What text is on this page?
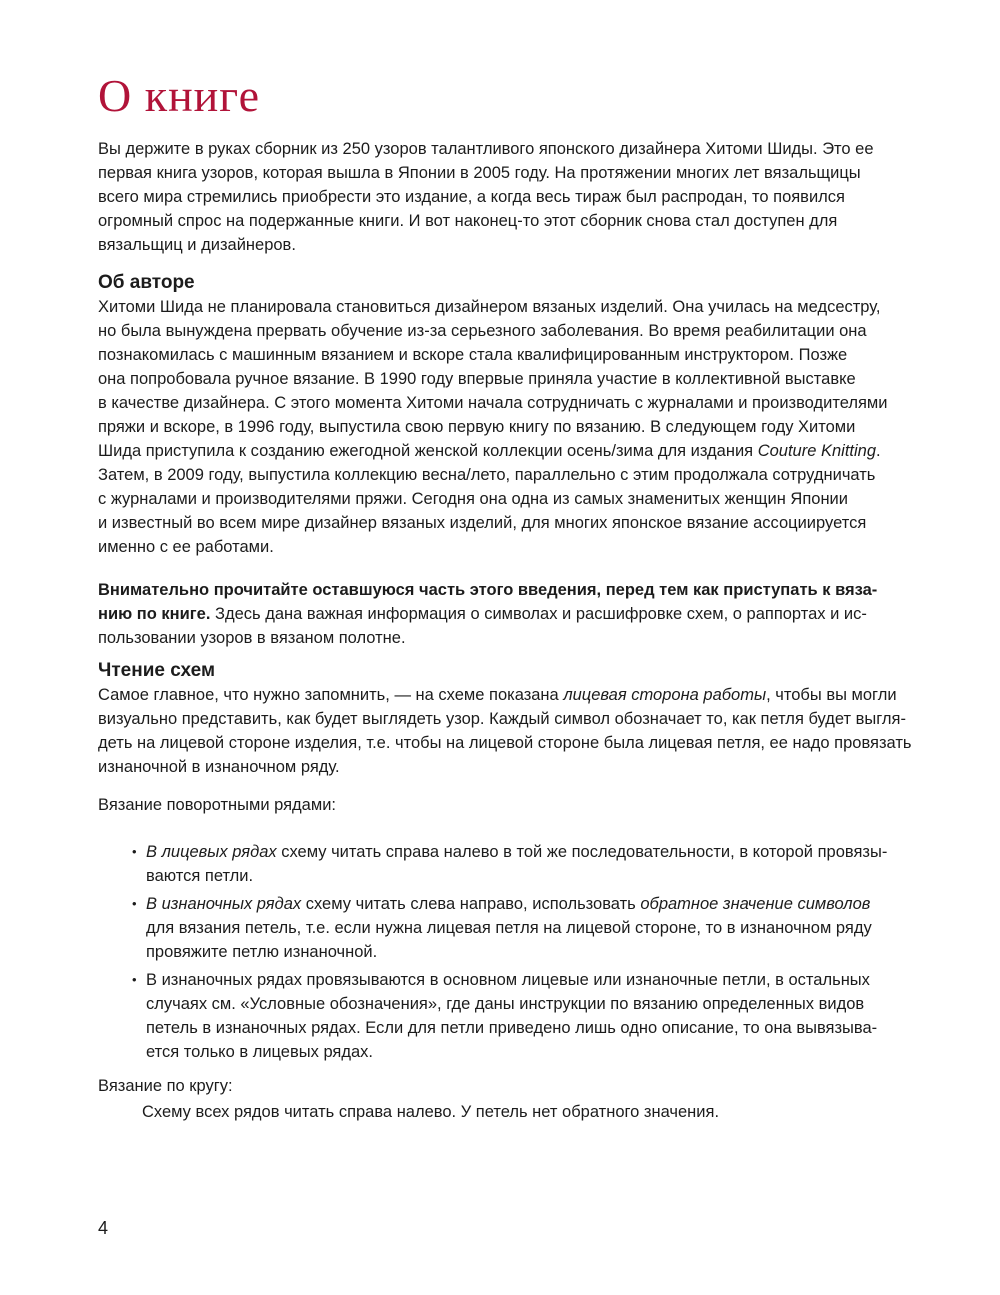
О книге
Вы держите в руках сборник из 250 узоров талантливого японского дизайнера Хитоми Шиды. Это ее
первая книга узоров, которая вышла в Японии в 2005 году. На протяжении многих лет вязальщицы
всего мира стремились приобрести это издание, а когда весь тираж был распродан, то появился
огромный спрос на подержанные книги. И вот наконец-то этот сборник снова стал доступен для
вязальщиц и дизайнеров.
Об авторе
Хитоми Шида не планировала становиться дизайнером вязаных изделий. Она училась на медсестру,
но была вынуждена прервать обучение из-за серьезного заболевания. Во время реабилитации она
познакомилась с машинным вязанием и вскоре стала квалифицированным инструктором. Позже
она попробовала ручное вязание. В 1990 году впервые приняла участие в коллективной выставке
в качестве дизайнера. С этого момента Хитоми начала сотрудничать с журналами и производителями
пряжи и вскоре, в 1996 году, выпустила свою первую книгу по вязанию. В следующем году Хитоми
Шида приступила к созданию ежегодной женской коллекции осень/зима для издания Couture Knitting.
Затем, в 2009 году, выпустила коллекцию весна/лето, параллельно с этим продолжала сотрудничать
с журналами и производителями пряжи. Сегодня она одна из самых знаменитых женщин Японии
и известный во всем мире дизайнер вязаных изделий, для многих японское вязание ассоциируется
именно с ее работами.
Внимательно прочитайте оставшуюся часть этого введения, перед тем как приступать к вяза-
нию по книге. Здесь дана важная информация о символах и расшифровке схем, о раппортах и ис-
пользовании узоров в вязаном полотне.
Чтение схем
Самое главное, что нужно запомнить, — на схеме показана лицевая сторона работы, чтобы вы могли
визуально представить, как будет выглядеть узор. Каждый символ обозначает то, как петля будет выгля-
деть на лицевой стороне изделия, т.е. чтобы на лицевой стороне была лицевая петля, ее надо провязать
изнаночной в изнаночном ряду.
Вязание поворотными рядами:
• В лицевых рядах схему читать справа налево в той же последовательности, в которой провязы-
ваются петли.
• В изнаночных рядах схему читать слева направо, использовать обратное значение символов
для вязания петель, т.е. если нужна лицевая петля на лицевой стороне, то в изнаночном ряду
провяжите петлю изнаночной.
• В изнаночных рядах провязываются в основном лицевые или изнаночные петли, в остальных
случаях см. «Условные обозначения», где даны инструкции по вязанию определенных видов
петель в изнаночных рядах. Если для петли приведено лишь одно описание, то она вывязыва-
ется только в лицевых рядах.
Вязание по кругу:
Схему всех рядов читать справа налево. У петель нет обратного значения.
4
